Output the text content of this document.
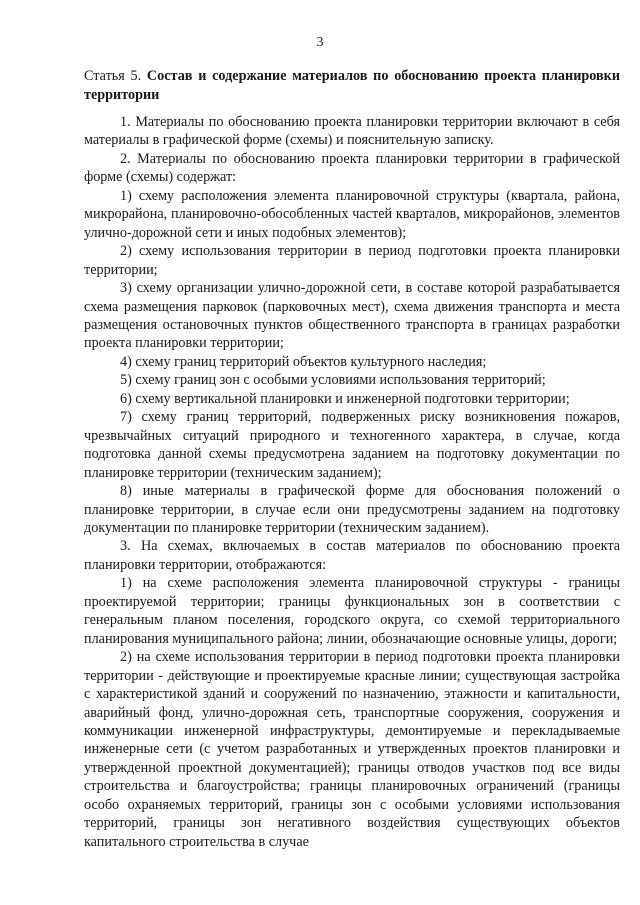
3
Статья 5. Состав и содержание материалов по обоснованию проекта планировки территории

1. Материалы по обоснованию проекта планировки территории включают в себя материалы в графической форме (схемы) и пояснительную записку.

2. Материалы по обоснованию проекта планировки территории в графической форме (схемы) содержат:

1) схему расположения элемента планировочной структуры (квартала, района, микрорайона, планировочно-обособленных частей кварталов, микрорайонов, элементов улично-дорожной сети и иных подобных элементов);

2) схему использования территории в период подготовки проекта планировки территории;

3) схему организации улично-дорожной сети, в составе которой разрабатывается схема размещения парковок (парковочных мест), схема движения транспорта и места размещения остановочных пунктов общественного транспорта в границах разработки проекта планировки территории;

4) схему границ территорий объектов культурного наследия;

5) схему границ зон с особыми условиями использования территорий;

6) схему вертикальной планировки и инженерной подготовки территории;

7) схему границ территорий, подверженных риску возникновения пожаров, чрезвычайных ситуаций природного и техногенного характера, в случае, когда подготовка данной схемы предусмотрена заданием на подготовку документации по планировке территории (техническим заданием);

8) иные материалы в графической форме для обоснования положений о планировке территории, в случае если они предусмотрены заданием на подготовку документации по планировке территории (техническим заданием).

3. На схемах, включаемых в состав материалов по обоснованию проекта планировки территории, отображаются:

1) на схеме расположения элемента планировочной структуры - границы проектируемой территории; границы функциональных зон в соответствии с генеральным планом поселения, городского округа, со схемой территориального планирования муниципального района; линии, обозначающие основные улицы, дороги;

2) на схеме использования территории в период подготовки проекта планировки территории - действующие и проектируемые красные линии; существующая застройка с характеристикой зданий и сооружений по назначению, этажности и капитальности, аварийный фонд, улично-дорожная сеть, транспортные сооружения, сооружения и коммуникации инженерной инфраструктуры, демонтируемые и перекладываемые инженерные сети (с учетом разработанных и утвержденных проектов планировки и утвержденной проектной документацией); границы отводов участков под все виды строительства и благоустройства; границы планировочных ограничений (границы особо охраняемых территорий, границы зон с особыми условиями использования территорий, границы зон негативного воздействия существующих объектов капитального строительства в случае
